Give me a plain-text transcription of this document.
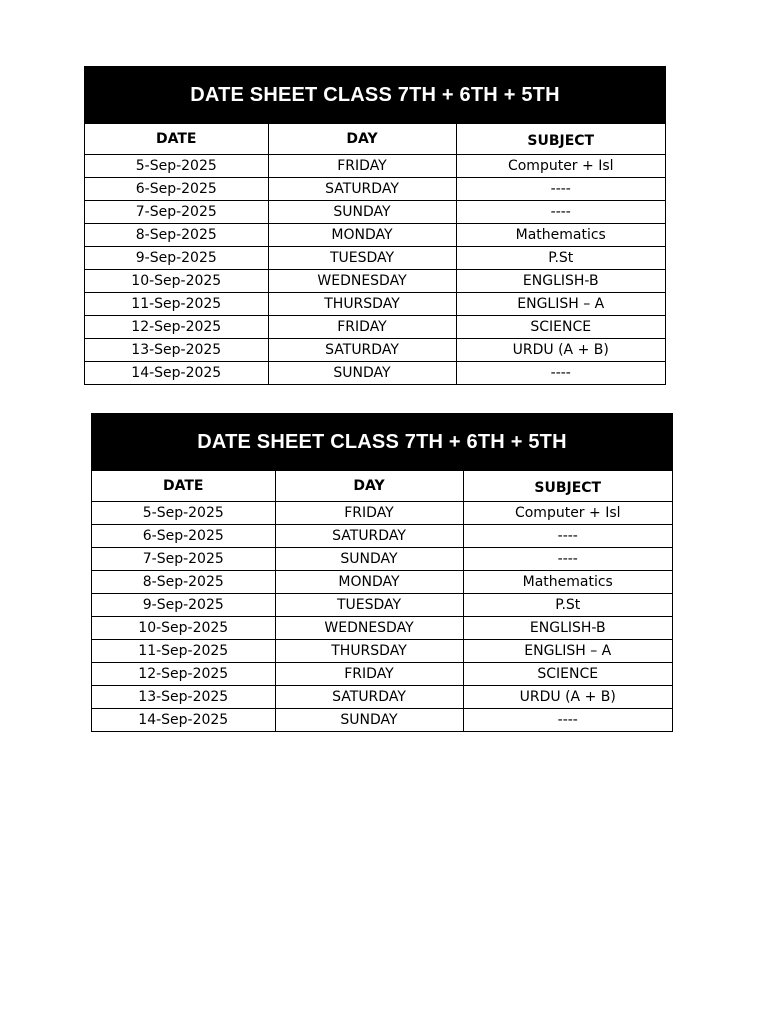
DATE SHEET CLASS 7TH + 6TH + 5TH
DATE	DAY	SUBJECT
5-Sep-2025	FRIDAY	Computer + Isl
6-Sep-2025	SATURDAY	----
7-Sep-2025	SUNDAY	----
8-Sep-2025	MONDAY	Mathematics
9-Sep-2025	TUESDAY	P.St
10-Sep-2025	WEDNESDAY	ENGLISH-B
11-Sep-2025	THURSDAY	ENGLISH – A
12-Sep-2025	FRIDAY	SCIENCE
13-Sep-2025	SATURDAY	URDU (A + B)
14-Sep-2025	SUNDAY	----
DATE SHEET CLASS 7TH + 6TH + 5TH
DATE	DAY	SUBJECT
5-Sep-2025	FRIDAY	Computer + Isl
6-Sep-2025	SATURDAY	----
7-Sep-2025	SUNDAY	----
8-Sep-2025	MONDAY	Mathematics
9-Sep-2025	TUESDAY	P.St
10-Sep-2025	WEDNESDAY	ENGLISH-B
11-Sep-2025	THURSDAY	ENGLISH – A
12-Sep-2025	FRIDAY	SCIENCE
13-Sep-2025	SATURDAY	URDU (A + B)
14-Sep-2025	SUNDAY	----
